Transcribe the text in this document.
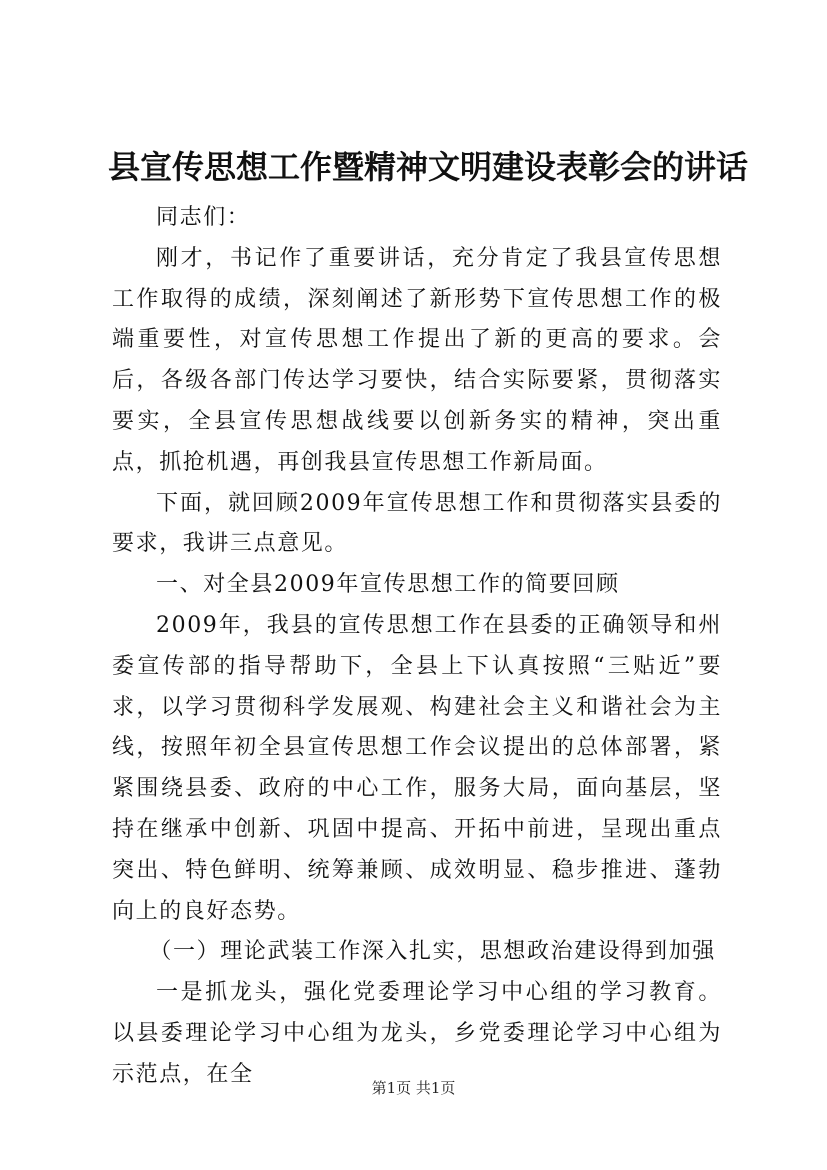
县宣传思想工作暨精神文明建设表彰会的讲话

同志们：

刚才，书记作了重要讲话，充分肯定了我县宣传思想工作取得的成绩，深刻阐述了新形势下宣传思想工作的极端重要性，对宣传思想工作提出了新的更高的要求。会后，各级各部门传达学习要快，结合实际要紧，贯彻落实要实，全县宣传思想战线要以创新务实的精神，突出重点，抓抢机遇，再创我县宣传思想工作新局面。

下面，就回顾2009年宣传思想工作和贯彻落实县委的要求，我讲三点意见。

一、对全县2009年宣传思想工作的简要回顾

2009年，我县的宣传思想工作在县委的正确领导和州委宣传部的指导帮助下，全县上下认真按照“三贴近”要求，以学习贯彻科学发展观、构建社会主义和谐社会为主线，按照年初全县宣传思想工作会议提出的总体部署，紧紧围绕县委、政府的中心工作，服务大局，面向基层，坚持在继承中创新、巩固中提高、开拓中前进，呈现出重点突出、特色鲜明、统筹兼顾、成效明显、稳步推进、蓬勃向上的良好态势。

（一）理论武装工作深入扎实，思想政治建设得到加强

一是抓龙头，强化党委理论学习中心组的学习教育。以县委理论学习中心组为龙头，乡党委理论学习中心组为示范点，在全

第1页 共1页
